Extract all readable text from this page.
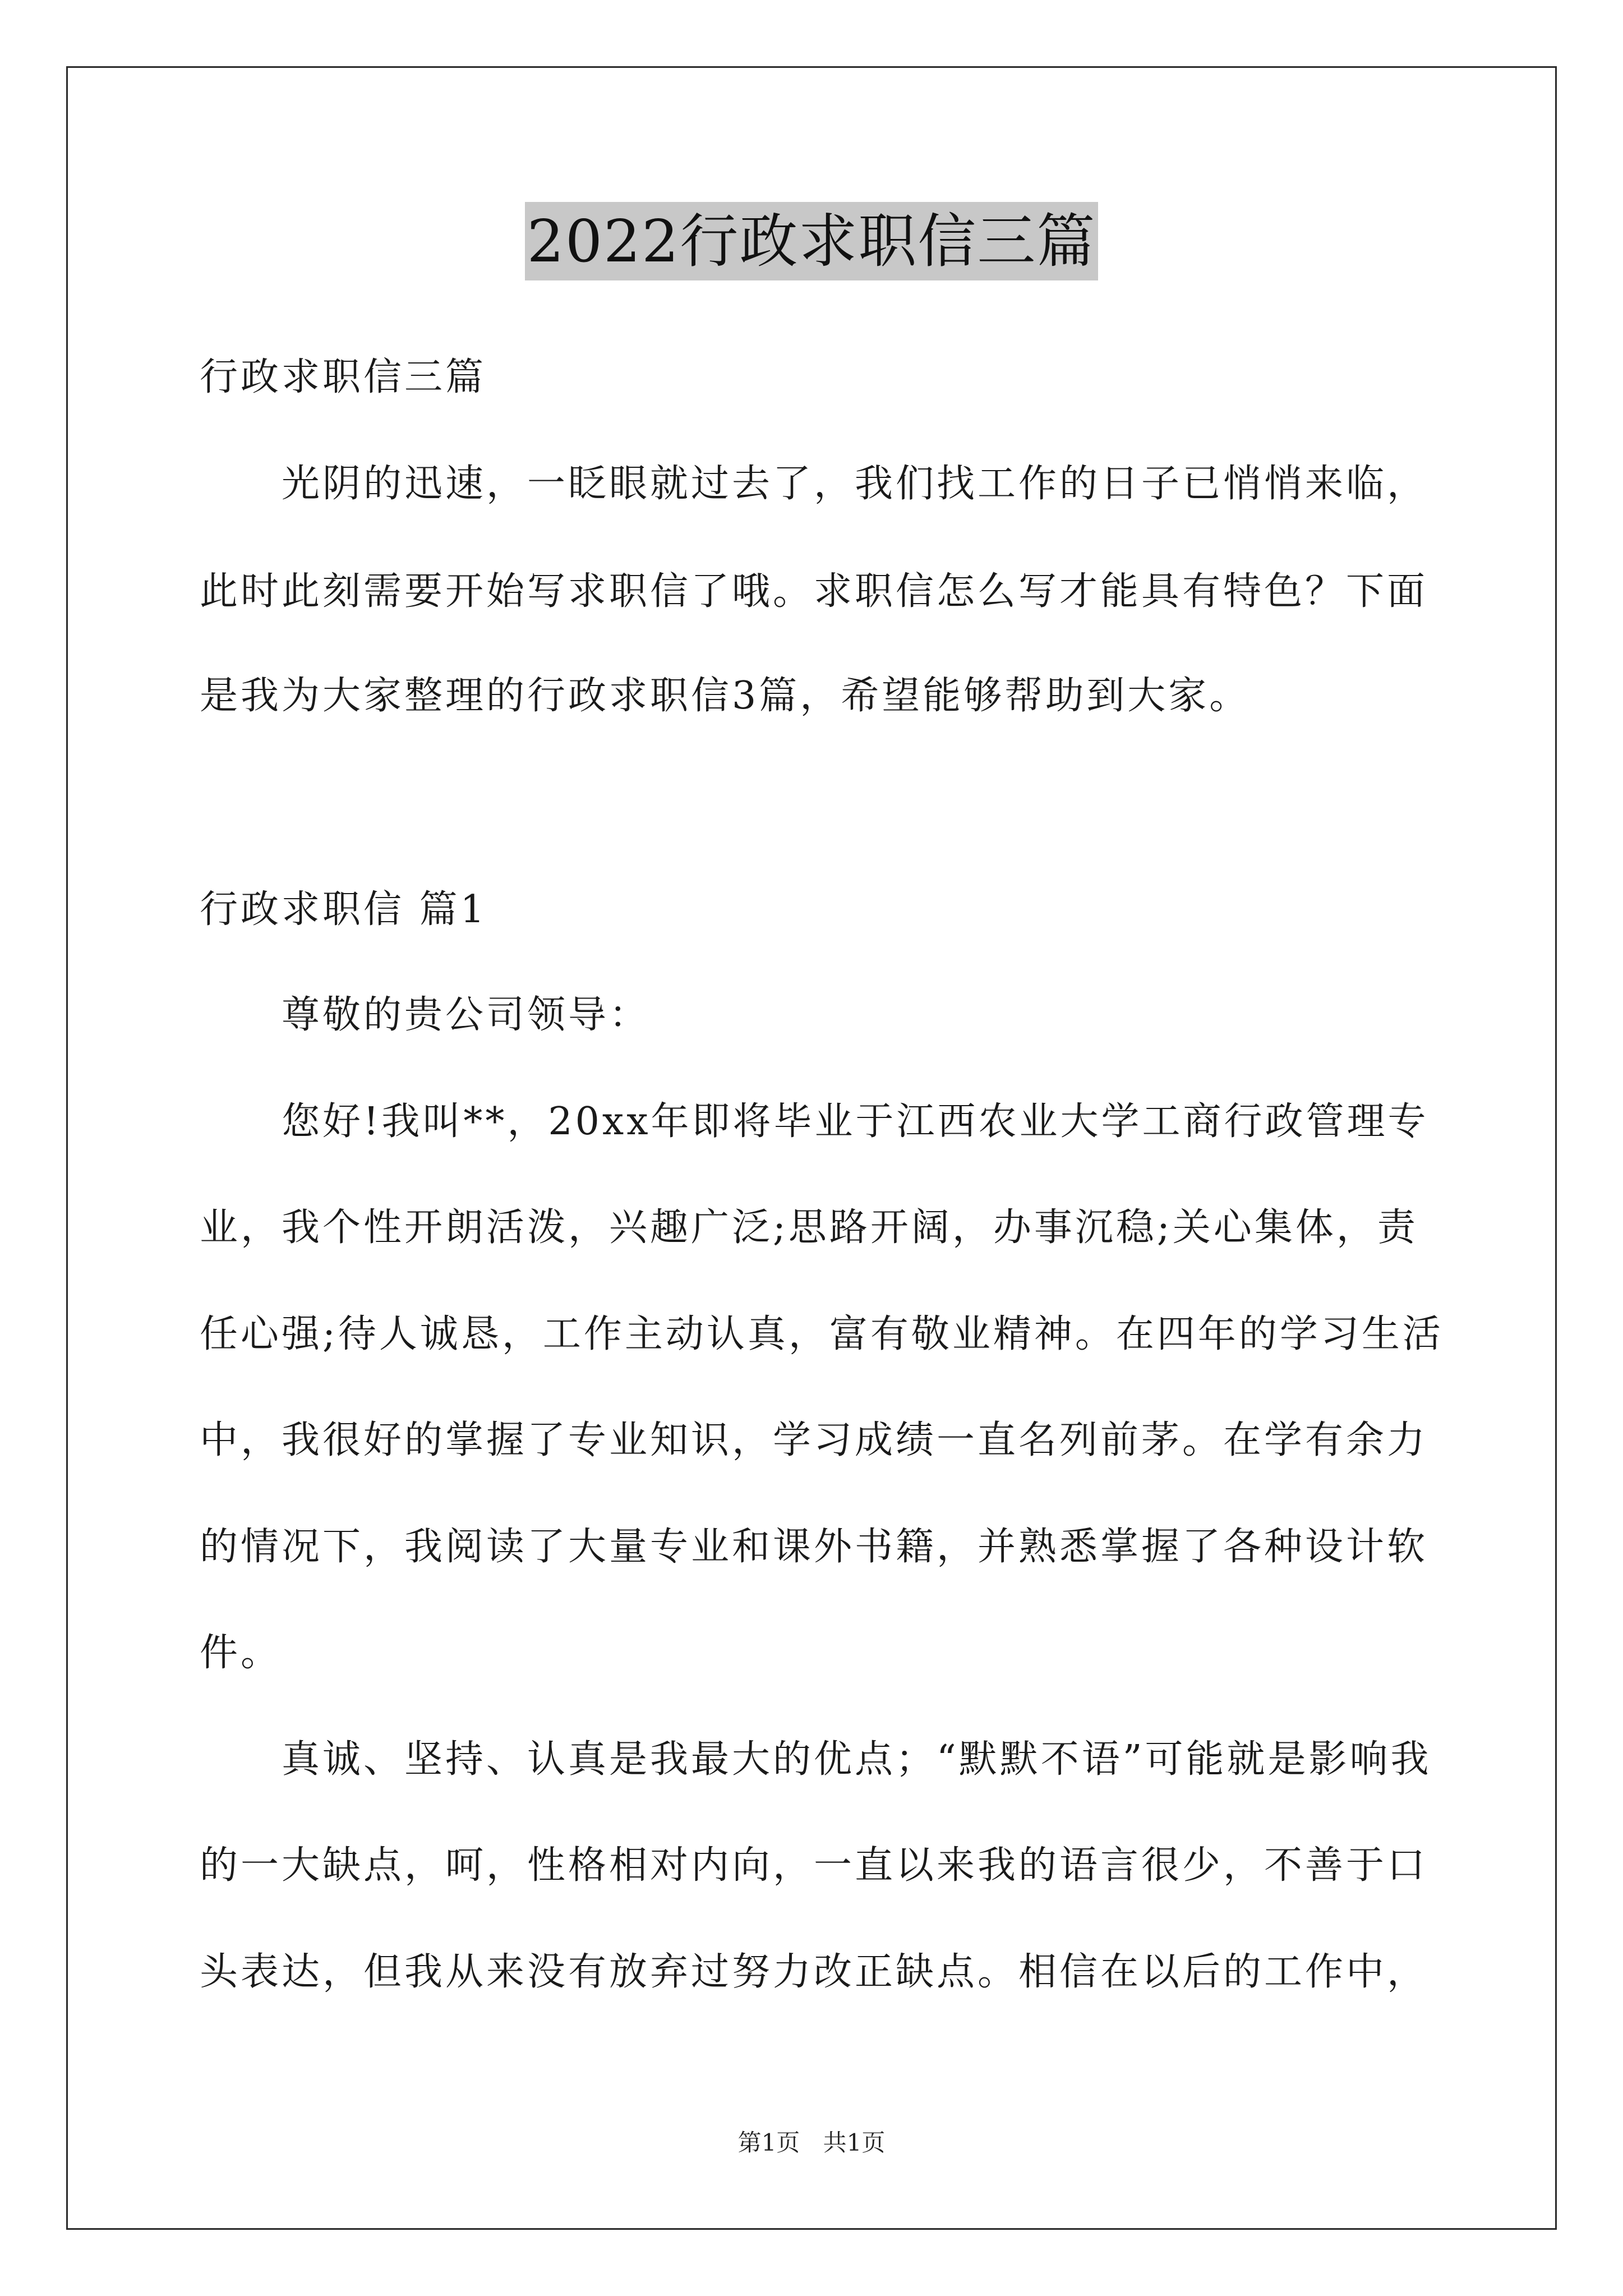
2022行政求职信三篇
行政求职信三篇
光阴的迅速，一眨眼就过去了，我们找工作的日子已悄悄来临，
此时此刻需要开始写求职信了哦。求职信怎么写才能具有特色？下面
是我为大家整理的行政求职信3篇，希望能够帮助到大家。
行政求职信 篇1
尊敬的贵公司领导：
您好!我叫**，20xx年即将毕业于江西农业大学工商行政管理专
业，我个性开朗活泼，兴趣广泛;思路开阔，办事沉稳;关心集体，责
任心强;待人诚恳，工作主动认真，富有敬业精神。在四年的学习生活
中，我很好的掌握了专业知识，学习成绩一直名列前茅。在学有余力
的情况下，我阅读了大量专业和课外书籍，并熟悉掌握了各种设计软
件。
真诚、坚持、认真是我最大的优点；“默默不语”可能就是影响我
的一大缺点，呵，性格相对内向，一直以来我的语言很少，不善于口
头表达，但我从来没有放弃过努力改正缺点。相信在以后的工作中，
第1页 共1页
